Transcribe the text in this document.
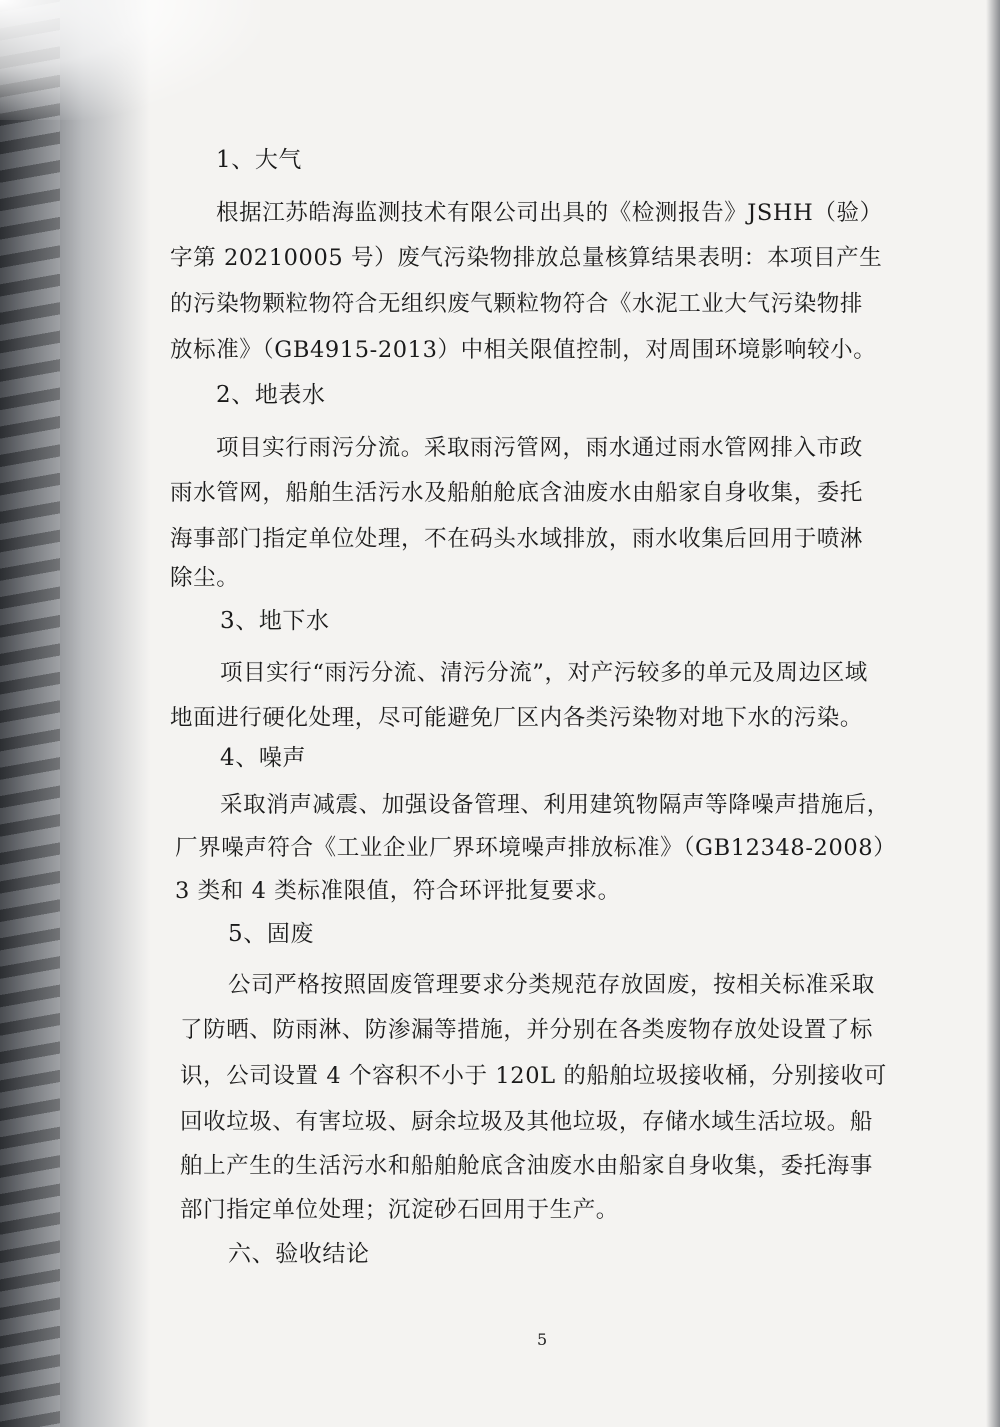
1、大气
根据江苏皓海监测技术有限公司出具的《检测报告》JSHH（验）
字第 20210005 号）废气污染物排放总量核算结果表明：本项目产生
的污染物颗粒物符合无组织废气颗粒物符合《水泥工业大气污染物排
放标准》（GB4915-2013）中相关限值控制，对周围环境影响较小。
2、地表水
项目实行雨污分流。采取雨污管网，雨水通过雨水管网排入市政
雨水管网，船舶生活污水及船舶舱底含油废水由船家自身收集，委托
海事部门指定单位处理，不在码头水域排放，雨水收集后回用于喷淋
除尘。
3、地下水
项目实行“雨污分流、清污分流”，对产污较多的单元及周边区域
地面进行硬化处理，尽可能避免厂区内各类污染物对地下水的污染。
4、噪声
采取消声减震、加强设备管理、利用建筑物隔声等降噪声措施后，
厂界噪声符合《工业企业厂界环境噪声排放标准》（GB12348-2008）
3 类和 4 类标准限值，符合环评批复要求。
5、固废
公司严格按照固废管理要求分类规范存放固废，按相关标准采取
了防晒、防雨淋、防渗漏等措施，并分别在各类废物存放处设置了标
识，公司设置 4 个容积不小于 120L 的船舶垃圾接收桶，分别接收可
回收垃圾、有害垃圾、厨余垃圾及其他垃圾，存储水域生活垃圾。船
舶上产生的生活污水和船舶舱底含油废水由船家自身收集，委托海事
部门指定单位处理；沉淀砂石回用于生产。
六、验收结论
5
